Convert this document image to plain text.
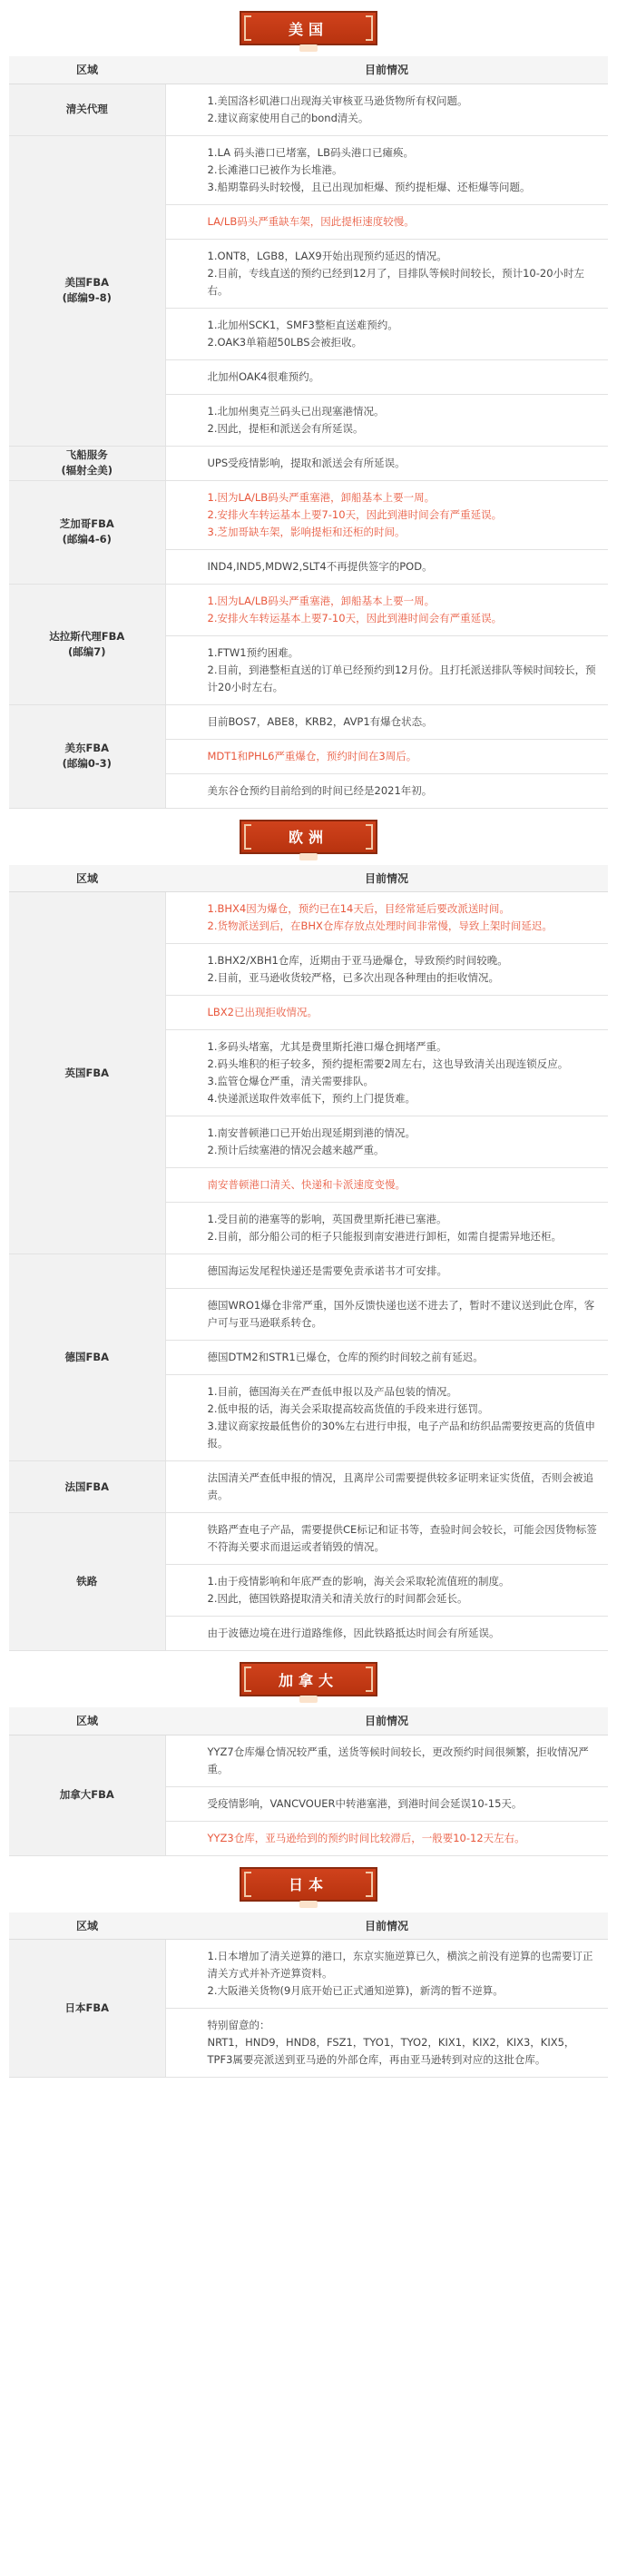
美国
区域	目前情况

清关代理	1.美国洛杉矶港口出现海关审核亚马逊货物所有权问题。
2.建议商家使用自己的bond清关。

美国FBA
(邮编9-8)	1.LA 码头港口已堵塞，LB码头港口已瘫痪。
2.长滩港口已被作为长堆港。
3.船期靠码头时较慢，且已出现加柜爆、预约提柜爆、还柜爆等问题。

	LA/LB码头严重缺车架，因此提柜速度较慢。

	1.ONT8，LGB8，LAX9开始出现预约延迟的情况。
2.目前，专线直送的预约已经到12月了，目排队等候时间较长，预计10-20小时左右。

	1.北加州SCK1，SMF3整柜直送难预约。
2.OAK3单箱超50LBS会被拒收。

	北加州OAK4很难预约。

	1.北加州奥克兰码头已出现塞港情况。
2.因此，提柜和派送会有所延误。

飞船服务
(辐射全美)	UPS受疫情影响，提取和派送会有所延误。

芝加哥FBA
(邮编4-6)	1.因为LA/LB码头严重塞港，卸船基本上要一周。
2.安排火车转运基本上要7-10天，因此到港时间会有严重延误。
3.芝加哥缺车架，影响提柜和还柜的时间。

	IND4,IND5,MDW2,SLT4不再提供签字的POD。

达拉斯代理FBA
(邮编7)	1.因为LA/LB码头严重塞港，卸船基本上要一周。
2.安排火车转运基本上要7-10天，因此到港时间会有严重延误。

	1.FTW1预约困难。
2.目前，到港整柜直送的订单已经预约到12月份。且打托派送排队等候时间较长，预计20小时左右。

美东FBA
(邮编0-3)	目前BOS7，ABE8，KRB2，AVP1有爆仓状态。

	MDT1和PHL6严重爆仓，预约时间在3周后。

	美东谷仓预约目前给到的时间已经是2021年初。
欧洲
区域	目前情况

英国FBA	1.BHX4因为爆仓，预约已在14天后，目经常延后要改派送时间。
2.货物派送到后，在BHX仓库存放点处理时间非常慢，导致上架时间延迟。

	1.BHX2/XBH1仓库，近期由于亚马逊爆仓，导致预约时间较晚。
2.目前，亚马逊收货较严格，已多次出现各种理由的拒收情况。

	LBX2已出现拒收情况。

	1.多码头堵塞，尤其是费里斯托港口爆仓拥堵严重。
2.码头堆积的柜子较多，预约提柜需要2周左右，这也导致清关出现连锁反应。
3.监管仓爆仓严重，清关需要排队。
4.快递派送取件效率低下，预约上门提货难。

	1.南安普顿港口已开始出现延期到港的情况。
2.预计后续塞港的情况会越来越严重。

	南安普顿港口清关、快递和卡派速度变慢。

	1.受目前的港塞等的影响，英国费里斯托港已塞港。
2.目前，部分船公司的柜子只能报到南安港进行卸柜，如需自提需异地还柜。

德国FBA	德国海运发尾程快递还是需要免责承诺书才可安排。

	德国WRO1爆仓非常严重，国外反馈快递也送不进去了，暂时不建议送到此仓库，客户可与亚马逊联系转仓。

	德国DTM2和STR1已爆仓，仓库的预约时间较之前有延迟。

	1.目前，德国海关在严查低申报以及产品包装的情况。
2.低申报的话，海关会采取提高较高货值的手段来进行惩罚。
3.建议商家按最低售价的30%左右进行申报，电子产品和纺织品需要按更高的货值申报。

法国FBA	法国清关严查低申报的情况，且离岸公司需要提供较多证明来证实货值，否则会被追责。

铁路	铁路严查电子产品，需要提供CE标记和证书等，查验时间会较长，可能会因货物标签不符海关要求而退运或者销毁的情况。

	1.由于疫情影响和年底严查的影响，海关会采取轮流值班的制度。
2.因此，德国铁路提取清关和清关放行的时间都会延长。

	由于波德边境在进行道路维修，因此铁路抵达时间会有所延误。
加拿大
区域	目前情况

加拿大FBA	YYZ7仓库爆仓情况较严重，送货等候时间较长，更改预约时间很频繁，拒收情况严重。

	受疫情影响，VANCVOUER中转港塞港，到港时间会延误10-15天。

	YYZ3仓库，亚马逊给到的预约时间比较滞后，一般要10-12天左右。
日本
区域	目前情况

日本FBA	1.日本增加了清关逆算的港口，东京实施逆算已久，横滨之前没有逆算的也需要订正清关方式并补齐逆算资料。
2.大阪港关货物(9月底开始已正式通知逆算)，新湾的暂不逆算。

	特别留意的：
NRT1，HND9，HND8，FSZ1，TYO1，TYO2，KIX1，KIX2，KIX3，KIX5，TPF3属要亮派送到亚马逊的外部仓库，再由亚马逊转到对应的这批仓库。
